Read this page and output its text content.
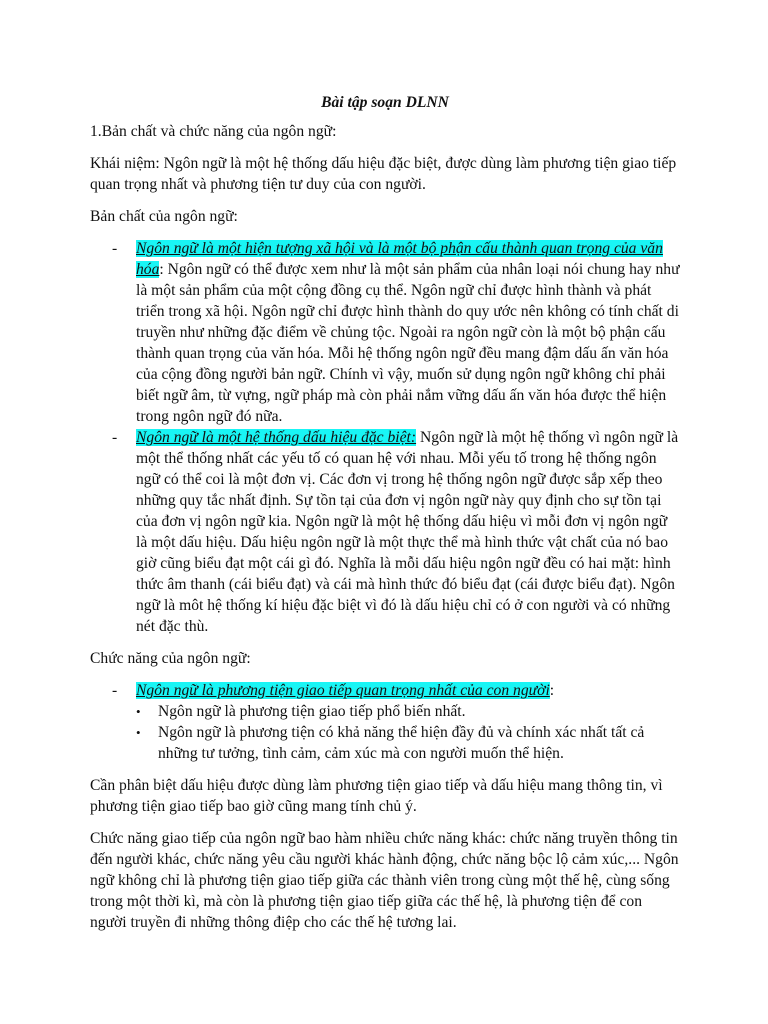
Bài tập soạn DLNN

1.Bản chất và chức năng của ngôn ngữ:

Khái niệm: Ngôn ngữ là một hệ thống dấu hiệu đặc biệt, được dùng làm phương tiện giao tiếp quan trọng nhất và phương tiện tư duy của con người.

Bản chất của ngôn ngữ:

- Ngôn ngữ là một hiện tượng xã hội và là một bộ phận cấu thành quan trọng của văn hóa: Ngôn ngữ có thể được xem như là một sản phẩm của nhân loại nói chung hay như là một sản phẩm của một cộng đồng cụ thể. Ngôn ngữ chỉ được hình thành và phát triển trong xã hội. Ngôn ngữ chỉ được hình thành do quy ước nên không có tính chất di truyền như những đặc điểm về chủng tộc. Ngoài ra ngôn ngữ còn là một bộ phận cấu thành quan trọng của văn hóa. Mỗi hệ thống ngôn ngữ đều mang đậm dấu ấn văn hóa của cộng đồng người bản ngữ. Chính vì vậy, muốn sử dụng ngôn ngữ không chỉ phải biết ngữ âm, từ vựng, ngữ pháp mà còn phải nắm vững dấu ấn văn hóa được thể hiện trong ngôn ngữ đó nữa.
- Ngôn ngữ là một hệ thống dấu hiệu đặc biệt: Ngôn ngữ là một hệ thống vì ngôn ngữ là một thể thống nhất các yếu tố có quan hệ với nhau. Mỗi yếu tố trong hệ thống ngôn ngữ có thể coi là một đơn vị. Các đơn vị trong hệ thống ngôn ngữ được sắp xếp theo những quy tắc nhất định. Sự tồn tại của đơn vị ngôn ngữ này quy định cho sự tồn tại của đơn vị ngôn ngữ kia. Ngôn ngữ là một hệ thống dấu hiệu vì mỗi đơn vị ngôn ngữ là một dấu hiệu. Dấu hiệu ngôn ngữ là một thực thể mà hình thức vật chất của nó bao giờ cũng biểu đạt một cái gì đó. Nghĩa là mỗi dấu hiệu ngôn ngữ đều có hai mặt: hình thức âm thanh (cái biểu đạt) và cái mà hình thức đó biểu đạt (cái được biểu đạt). Ngôn ngữ là môt hệ thống kí hiệu đặc biệt vì đó là dấu hiệu chỉ có ở con người và có những nét đặc thù.

Chức năng của ngôn ngữ:

- Ngôn ngữ là phương tiện giao tiếp quan trọng nhất của con người:
• Ngôn ngữ là phương tiện giao tiếp phổ biến nhất.
• Ngôn ngữ là phương tiện có khả năng thể hiện đầy đủ và chính xác nhất tất cả những tư tưởng, tình cảm, cảm xúc mà con người muốn thể hiện.

Cần phân biệt dấu hiệu được dùng làm phương tiện giao tiếp và dấu hiệu mang thông tin, vì phương tiện giao tiếp bao giờ cũng mang tính chủ ý.

Chức năng giao tiếp của ngôn ngữ bao hàm nhiều chức năng khác: chức năng truyền thông tin đến người khác, chức năng yêu cầu người khác hành động, chức năng bộc lộ cảm xúc,... Ngôn ngữ không chỉ là phương tiện giao tiếp giữa các thành viên trong cùng một thế hệ, cùng sống trong một thời kì, mà còn là phương tiện giao tiếp giữa các thế hệ, là phương tiện để con người truyền đi những thông điệp cho các thế hệ tương lai.
